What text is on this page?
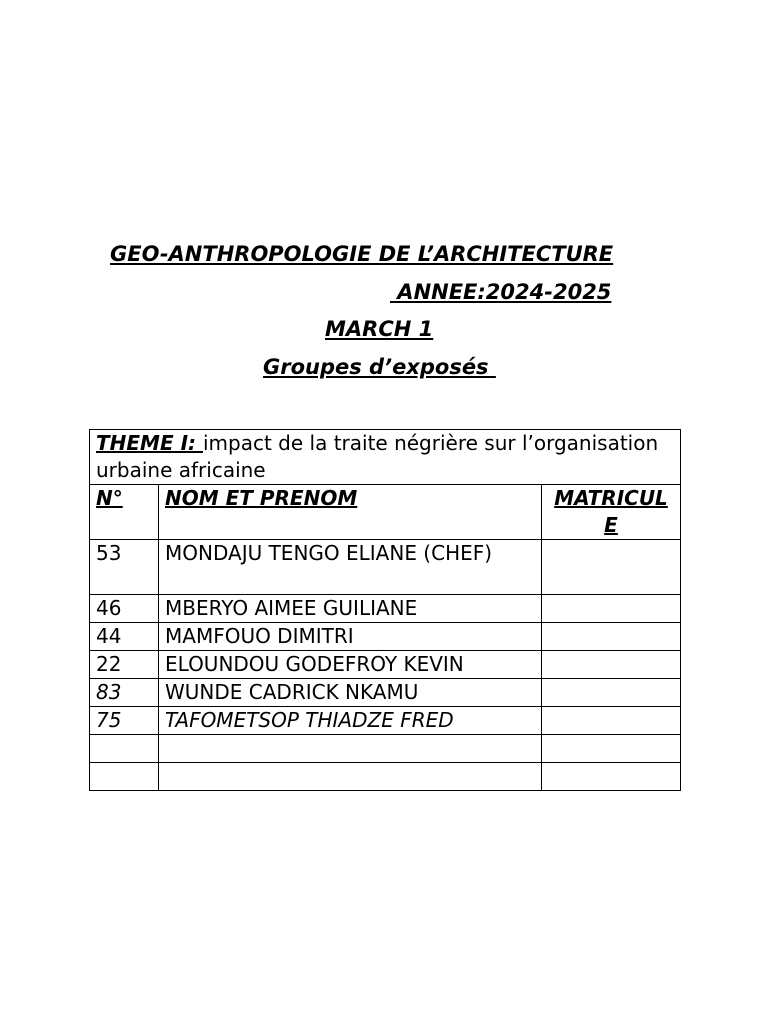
GEO-ANTHROPOLOGIE DE L’ARCHITECTURE
ANNEE:2024-2025
MARCH 1
Groupes d’exposés
THEME I: impact de la traite négrière sur l’organisation urbaine africaine		
N°	NOM ET PRENOM	MATRICULE
53	MONDAJU TENGO ELIANE (CHEF)	
46	MBERYO AIMEE GUILIANE	
44	MAMFOUO DIMITRI	
22	ELOUNDOU GODEFROY KEVIN	
83	WUNDE CADRICK NKAMU	
75	TAFOMETSOP THIADZE FRED	
